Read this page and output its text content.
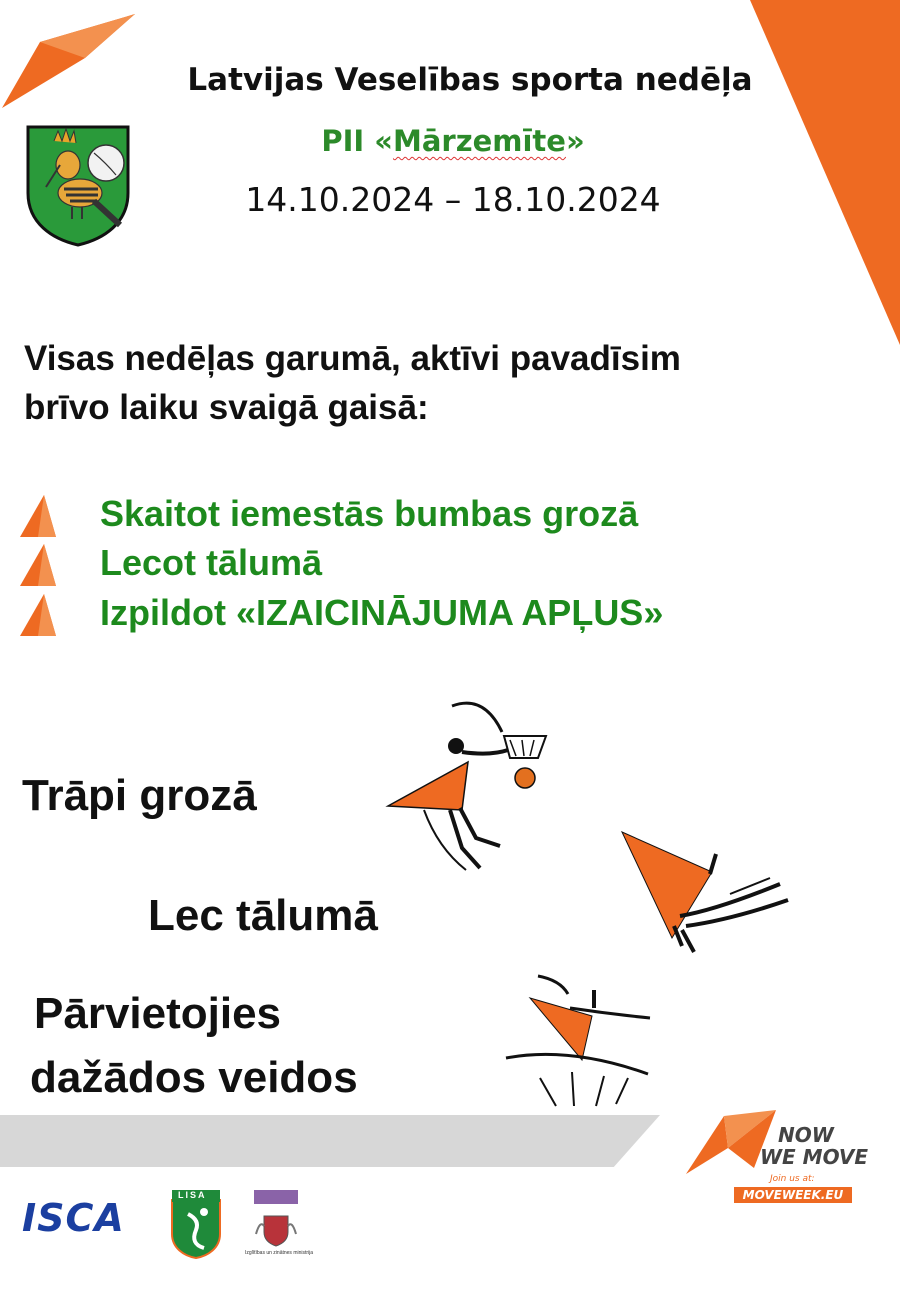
Latvijas Veselības sporta nedēļa
PII «Mārzemīte»
14.10.2024 – 18.10.2024
Visas nedēļas garumā, aktīvi pavadīsim
brīvo laiku svaigā gaisā:
Skaitot iemestās bumbas grozā
Lecot tālumā
Izpildot «IZAICINĀJUMA APĻUS»
Trāpi grozā
Lec tālumā
Pārvietojies
dažādos veidos
NOW
WE MOVE
Join us at:
MOVEWEEK.EU
ISCA
LISA
Izglītības un zinātnes ministrija
